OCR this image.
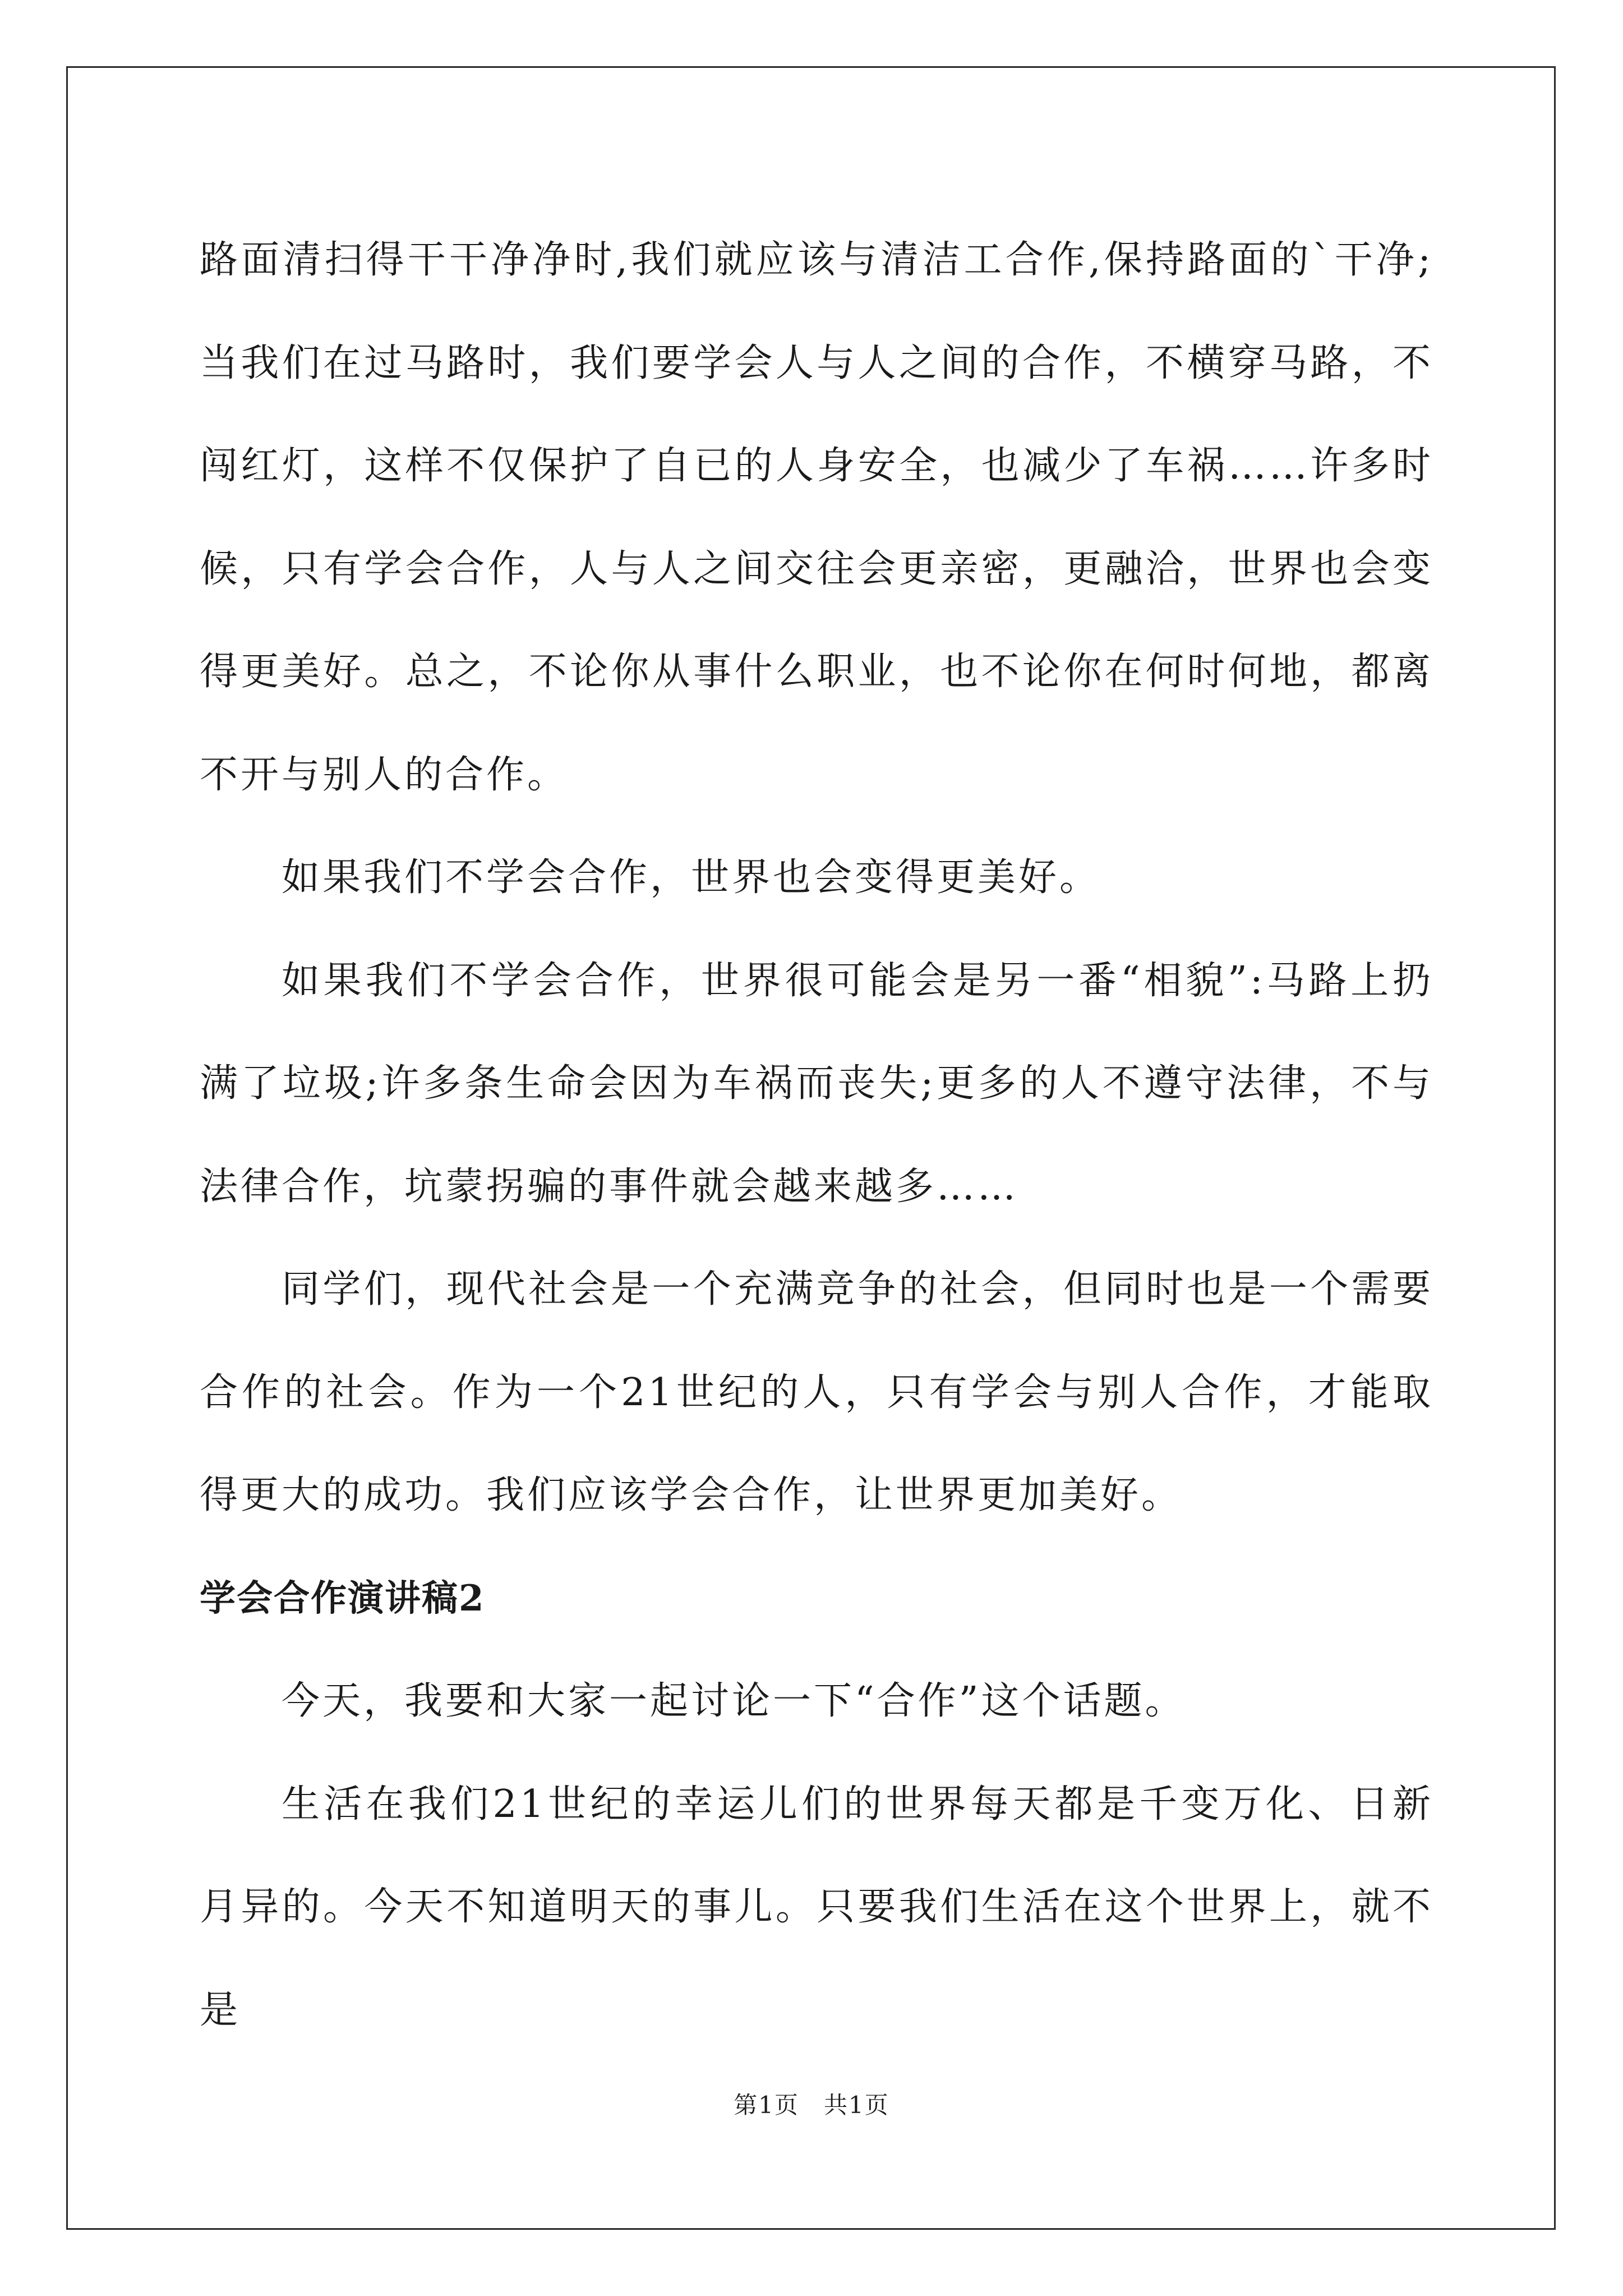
路面清扫得干干净净时,我们就应该与清洁工合作,保持路面的`干净;当我们在过马路时，我们要学会人与人之间的合作，不横穿马路，不闯红灯，这样不仅保护了自已的人身安全，也减少了车祸……许多时候，只有学会合作，人与人之间交往会更亲密，更融洽，世界也会变得更美好。总之，不论你从事什么职业，也不论你在何时何地，都离不开与别人的合作。

如果我们不学会合作，世界也会变得更美好。

如果我们不学会合作，世界很可能会是另一番“相貌”:马路上扔满了垃圾;许多条生命会因为车祸而丧失;更多的人不遵守法律，不与法律合作，坑蒙拐骗的事件就会越来越多……

同学们，现代社会是一个充满竞争的社会，但同时也是一个需要合作的社会。作为一个21世纪的人，只有学会与别人合作，才能取得更大的成功。我们应该学会合作，让世界更加美好。

学会合作演讲稿2

今天，我要和大家一起讨论一下“合作”这个话题。

生活在我们21世纪的幸运儿们的世界每天都是千变万化、日新月异的。今天不知道明天的事儿。只要我们生活在这个世界上，就不是

第1页　共1页
